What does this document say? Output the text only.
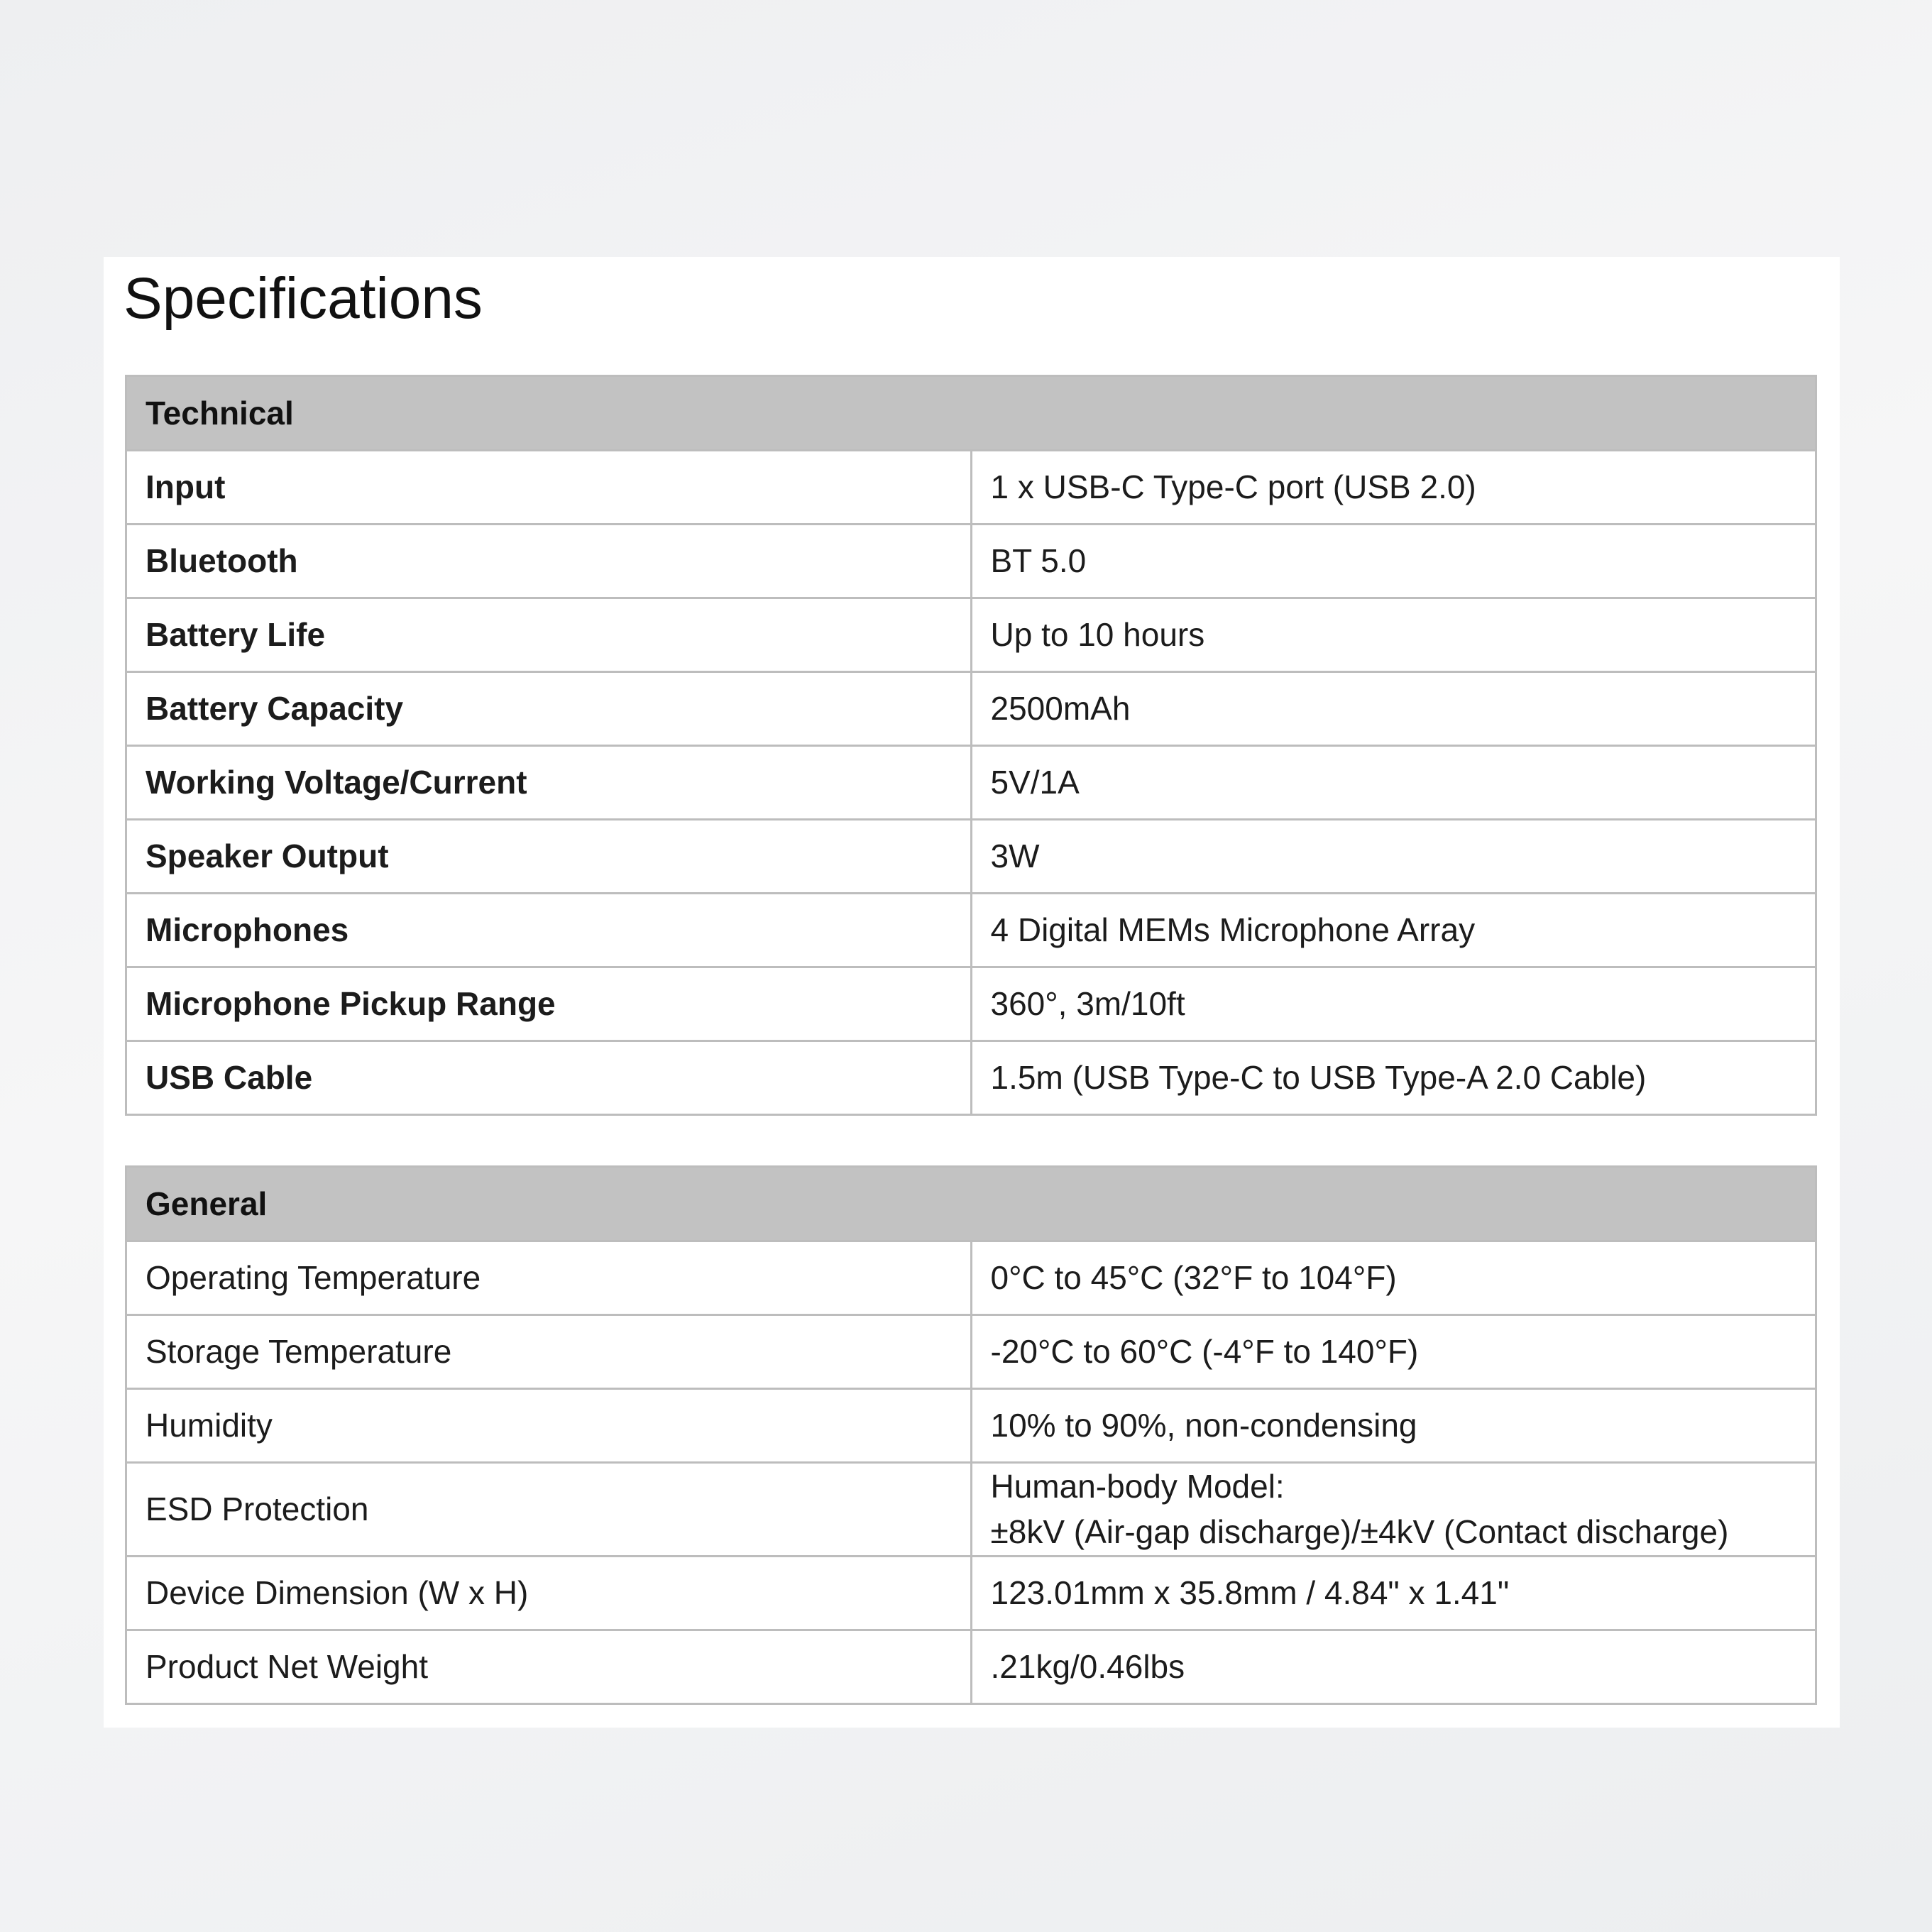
Specifications
Technical	
Input	1 x USB-C Type-C port (USB 2.0)
Bluetooth	BT 5.0
Battery Life	Up to 10 hours
Battery Capacity	2500mAh
Working Voltage/Current	5V/1A
Speaker Output	3W
Microphones	4 Digital MEMs Microphone Array
Microphone Pickup Range	360°, 3m/10ft
USB Cable	1.5m (USB Type-C to USB Type-A 2.0 Cable)
General	
Operating Temperature	0°C to 45°C (32°F to 104°F)
Storage Temperature	-20°C to 60°C (-4°F to 140°F)
Humidity	10% to 90%, non-condensing
ESD Protection	Human-body Model:
±8kV (Air-gap discharge)/±4kV (Contact discharge)

Device Dimension (W x H)	123.01mm x 35.8mm / 4.84" x 1.41"
Product Net Weight	.21kg/0.46lbs
